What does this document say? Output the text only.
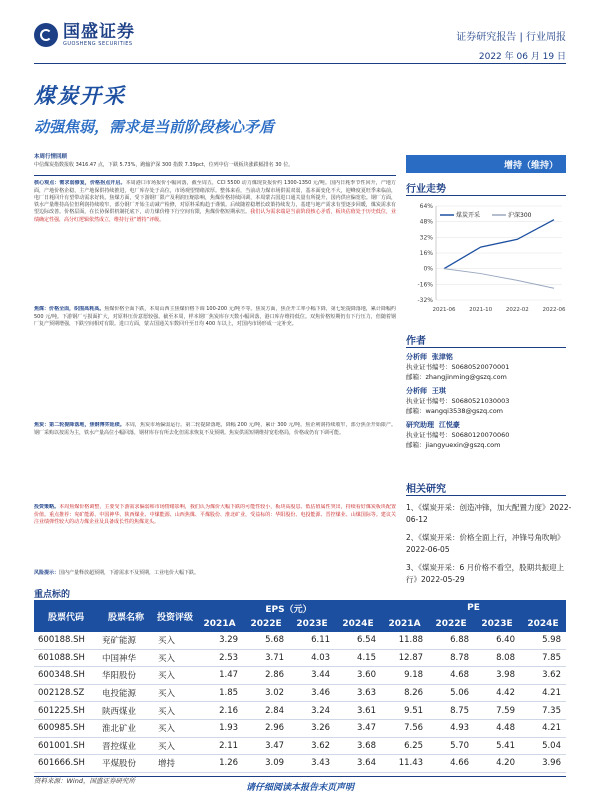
国盛证券
GUOSHENG SECURITIES
证券研究报告 | 行业周报
2022 年 06 月 19 日
煤炭开采
动强焦弱，需求是当前阶段核心矛盾
本周行情回顾
中信煤炭指数报收 3416.47 点，下跌 5.73%，跑输沪深 300 指数 7.39pct，位列中信一级板块涨跌幅排名 30 位。
核心观点：需求弱修复，价格拐点开启。本周港口市场报价小幅回落，截至周五，CCI 5500 动力煤现货报价约 1300-1350 元/吨。国内日耗季节性回升，产地方面，产地价格企稳，主产地保供持续推进，电厂库存处于高位，市场观望情绪浓厚。整体来看，当前动力煤市场供需双弱，基本面变化不大，迎峰度夏旺季来临前，电厂日耗回升有望带动需求好转。焦煤方面，受下游钢厂限产及利润压缩影响，焦煤价格持续回调，本周蒙古国进口通关量有所提升，国内供应偏宽松。钢厂方面，铁水产量维持高位但利润持续收窄，部分钢厂开始主动减产检修，对原料采购趋于谨慎。后续随着稳增长政策持续发力，基建与地产需求有望逐步回暖，煤炭需求有望边际改善。价格层面，在长协保供机制托底下，动力煤价格下行空间有限，焦煤价格短期承压。我们认为需求端是当前阶段核心矛盾，板块估值处于历史低位，业绩确定性强，高分红逻辑依然成立，维持行业“增持”评级。
焦煤：价格全面，织围高耗高。焦煤价格全面下跌，本周山西主焦煤价格下调 100-200 元/吨不等。焦炭方面，焦企开工率小幅下降，第七轮提降落地，累计降幅约 500 元/吨。下游钢厂亏损面扩大，对原料压价意愿较强。截至本周，样本钢厂焦炭库存天数小幅回落，港口库存维持低位。双焦价格短期仍有下行压力，但随着钢厂复产预期增强，下跌空间相对有限。进口方面，蒙古国通关车数回升至日均 400 车以上，对国内市场形成一定补充。
焦炭：第二轮提降落地，焦钢博弈延续。本周，焦炭市场偏弱运行。第二轮提降落地，降幅 200 元/吨，累计 300 元/吨。焦企利润持续收窄，部分焦企开始限产。钢厂采购以按需为主，铁水产量高位小幅回落，钢材库存有所去化但需求恢复不及预期。焦炭供需短期维持宽松格局，价格或仍有下调可能。
投资策略。本周焦煤价格调整，主要受下游需求偏弱和市场情绪影响，我们认为煤价大幅下跌的可能性较小，板块高股息、低估值属性突出，持续看好煤炭板块配置价值。重点推荐：兖矿能源、中国神华、陕西煤业、中煤能源、山西焦煤、平煤股份、淮北矿业，受益标的：华阳股份、电投能源、晋控煤业、山煤国际等。建议关注业绩弹性较大的动力煤企业及具备成长性的焦煤龙头。
风险提示：国内产量释放超预期，下游需求不及预期，工业电价大幅下跌。
增持（维持）
行业走势
64%
48%
32%
16%
0%
-16%
-32%
2021-06 2021-10 2022-02 2022-06
煤炭开采	沪深300
作者
分析师 张津铭
执业证书编号：S0680520070001
邮箱：zhangjinming@gszq.com
分析师 王琪
执业证书编号：S0680521030003
邮箱：wangqi3538@gszq.com
研究助理 江悦豪
执业证书编号：S0680120070060
邮箱：jiangyuexin@gszq.com
相关研究
1、《煤炭开采：创造冲锋，加大配置力度》2022-06-12
2、《煤炭开采：价格全面上行，冲锋号角吹响》2022-06-05
3、《煤炭开采：6 月价格不看空，股期共振迎上行》2022-05-29
重点标的
股票代码	股票名称	投资评级	EPS（元）				PE			
			2021A	2022E	2023E	2024E	2021A	2022E	2023E	2024E
600188.SH	兖矿能源	买入	3.29	5.68	6.11	6.54	11.88	6.88	6.40	5.98
601088.SH	中国神华	买入	2.53	3.71	4.03	4.15	12.87	8.78	8.08	7.85
600348.SH	华阳股份	买入	1.47	2.86	3.44	3.60	9.18	4.68	3.98	3.62
002128.SZ	电投能源	买入	1.85	3.02	3.46	3.63	8.26	5.06	4.42	4.21
601225.SH	陕西煤业	买入	2.16	2.84	3.24	3.61	9.51	8.75	7.59	7.35
600985.SH	淮北矿业	买入	1.93	2.96	3.26	3.47	7.56	4.93	4.48	4.21
601001.SH	晋控煤业	买入	2.11	3.47	3.62	3.68	6.25	5.70	5.41	5.04
601666.SH	平煤股份	增持	1.26	3.09	3.43	3.64	11.43	4.66	4.20	3.96
资料来源：Wind，国盛证券研究所
请仔细阅读本报告末页声明
